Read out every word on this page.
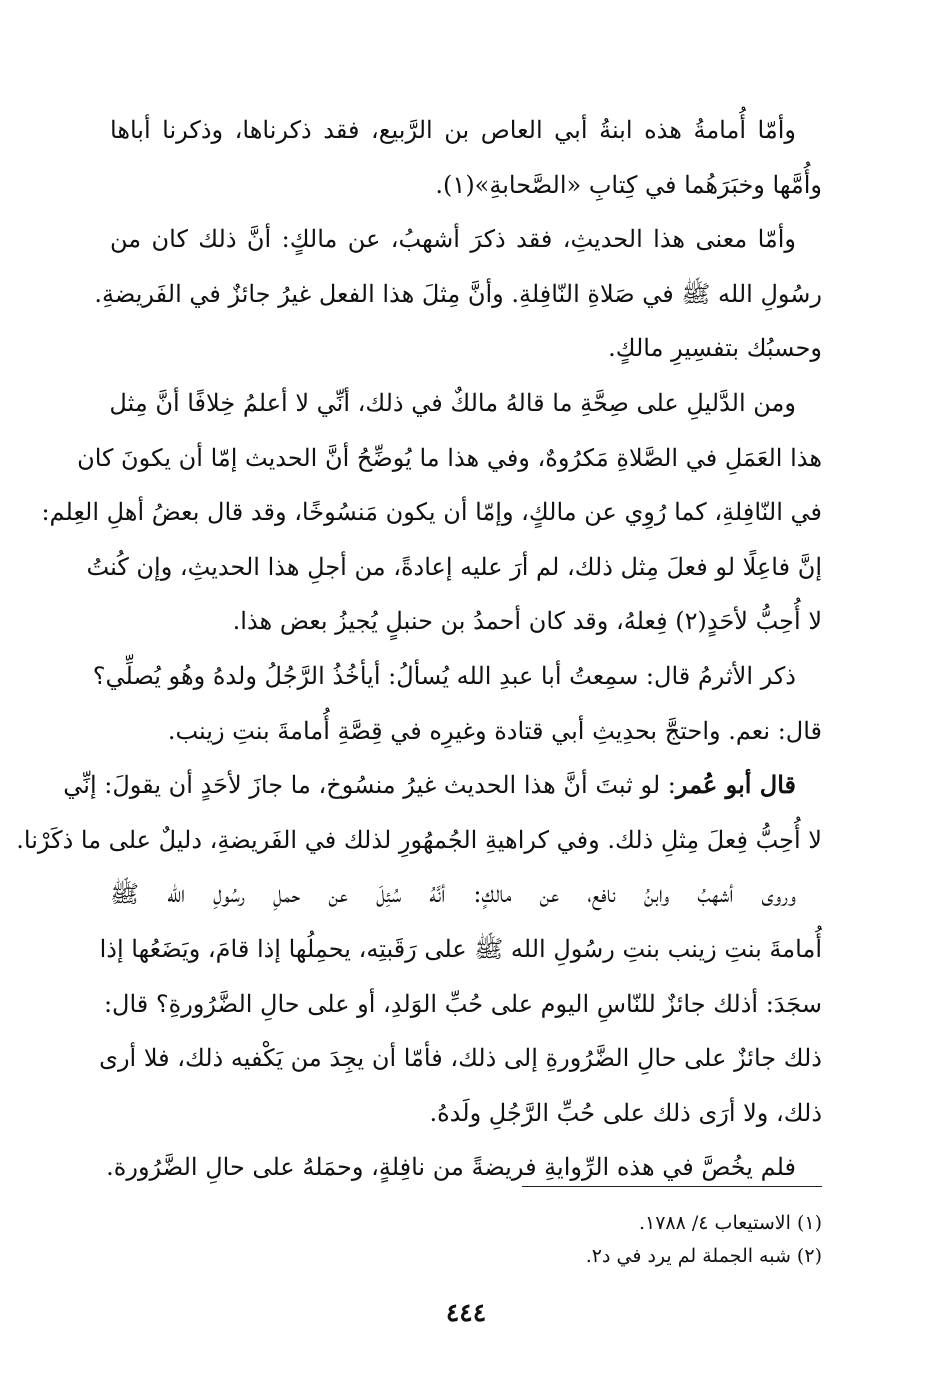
وأمّا أُمامةُ هذه ابنةُ أبي العاص بن الرَّبيع، فقد ذكرناها، وذكرنا أباها
وأُمَّها وخبَرَهُما في كِتابِ «الصَّحابةِ»(١).
وأمّا معنى هذا الحديثِ، فقد ذكرَ أشهبُ، عن مالكٍ: أنَّ ذلك كان من
رسُولِ الله ﷺ في صَلاةِ النّافِلةِ. وأنَّ مِثلَ هذا الفعل غيرُ جائزٌ في الفَريضةِ.
وحسبُك بتفسِيرِ مالكٍ.
ومن الدَّليلِ على صِحَّةِ ما قالهُ مالكٌ في ذلك، أنِّي لا أعلمُ خِلافًا أنَّ مِثل
هذا العَمَلِ في الصَّلاةِ مَكرُوهٌ، وفي هذا ما يُوضِّحُ أنَّ الحديث إمّا أن يكونَ كان
في النّافِلةِ، كما رُوِي عن مالكٍ، وإمّا أن يكون مَنسُوخًا، وقد قال بعضُ أهلِ العِلم:
إنَّ فاعِلًا لو فعلَ مِثل ذلك، لم أرَ عليه إعادةً، من أجلِ هذا الحديثِ، وإن كُنتُ
لا أُحِبُّ لأحَدٍ(٢) فِعلهُ، وقد كان أحمدُ بن حنبلٍ يُجيزُ بعض هذا.
ذكر الأثرمُ قال: سمِعتُ أبا عبدِ الله يُسألُ: أيأخُذُ الرَّجُلُ ولدهُ وهُو يُصلِّي؟
قال: نعم. واحتجَّ بحدِيثِ أبي قتادة وغيرِه في قِصَّةِ أُمامةَ بنتِ زينب.
قال أبو عُمر: لو ثبتَ أنَّ هذا الحديث غيرُ منسُوخ، ما جازَ لأحَدٍ أن يقولَ: إنِّي
لا أُحِبُّ فِعلَ مِثلِ ذلك. وفي كراهيةِ الجُمهُورِ لذلك في الفَريضةِ، دليلٌ على ما ذكَرْنا.
وروى أشهبُ وابنُ نافع، عن مالكٍ: أنَّهُ سُئِلَ عن حملِ رسُولِ الله ﷺ
أُمامةَ بنتِ زينب بنتِ رسُولِ الله ﷺ على رَقَبتِه، يحمِلُها إذا قامَ، ويَضَعُها إذا
سجَدَ: أذلك جائزٌ للنّاسِ اليوم على حُبِّ الوَلدِ، أو على حالِ الضَّرُورةِ؟ قال:
ذلك جائزٌ على حالِ الضَّرُورةِ إلى ذلك، فأمّا أن يجِدَ من يَكْفيه ذلك، فلا أرى
ذلك، ولا أرَى ذلك على حُبِّ الرَّجُلِ ولَدهُ.
فلم يخُصَّ في هذه الرِّوايةِ فريضةً من نافِلةٍ، وحمَلهُ على حالِ الضَّرُورة.
(١) الاستيعاب ٤/ ١٧٨٨.
(٢) شبه الجملة لم يرد في د٢.
٤٤٤
